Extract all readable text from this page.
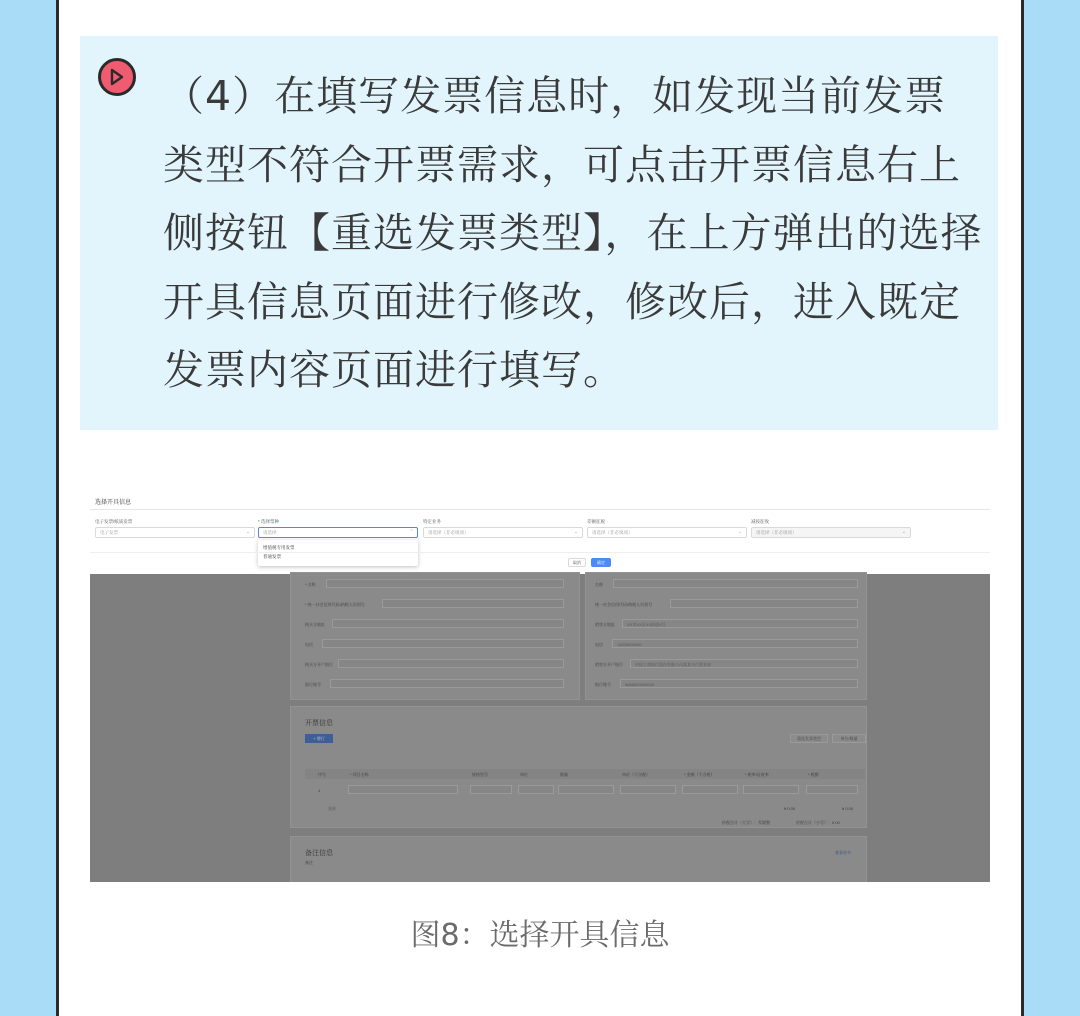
（4）在填写发票信息时，如发现当前发票类型不符合开票需求，可点击开票信息右上侧按钮【重选发票类型】，在上方弹出的选择开具信息页面进行修改，修改后，进入既定发票内容页面进行填写。
选择开具信息
电子发票/纸质发票
电子发票	⌄
* 选择票种
请选择	⌃
特定业务
请选择（非必填项）	⌄
差额征税
请选择（非必填项）	⌄
减按征收
请选择（非必填项）	⌄
增值税专用发票
普通发票
取消	确定
* 名称
* 统一社会信用代码/纳税人识别号
购买方地址
电话
购买方开户银行
银行账号
名称
统一社会信用代码/纳税人识别号
销售方地址	XX市XX区XX街道X号
电话	13000000000
销售方开户银行	中国工商银行股份有限公司某某支行营业部
银行账号	6666620000000
开票信息
+ 增行	重选发票类型	单位/数量
序号	* 项目名称	规格型号	单位	数量	单价（不含税）	* 金额（不含税）	* 税率/征收率	* 税额
1
合计	¥ 0.00	¥ 0.00
价税合计（大写）：零圆整	价税合计（小写）：0.00
备注信息
备注
查看更多
图8：选择开具信息
